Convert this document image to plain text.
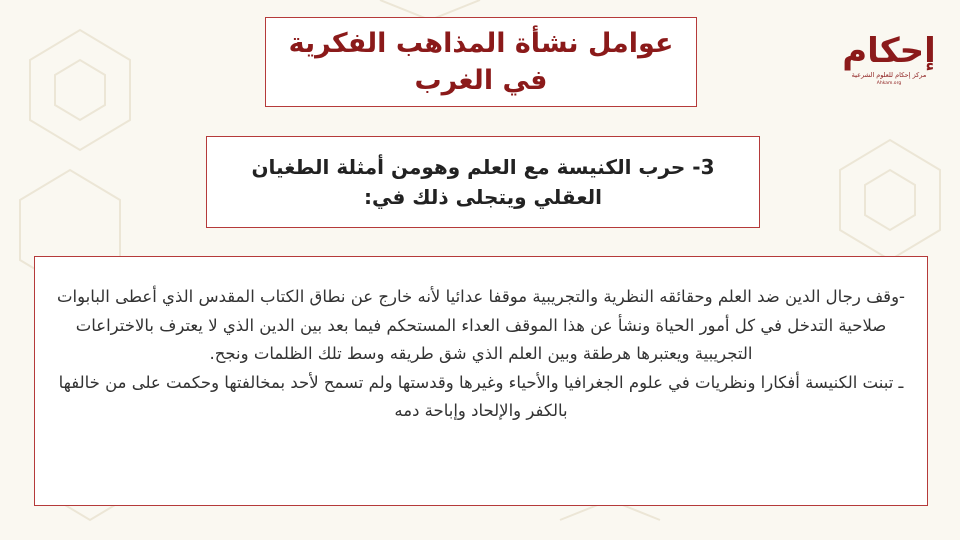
عوامل نشأة المذاهب الفكرية في الغرب
3- حرب الكنيسة مع العلم وهومن أمثلة الطغيان العقلي ويتجلى ذلك في:

-وقف رجال الدين ضد العلم وحقائقه النظرية والتجريبية موقفا عدائيا لأنه خارج عن نطاق الكتاب المقدس الذي أعطى البابوات صلاحية التدخل في كل أمور الحياة ونشأ عن هذا الموقف العداء المستحكم فيما بعد بين الدين الذي لا يعترف بالاختراعات التجريبية ويعتبرها هرطقة وبين العلم الذي شق طريقه وسط تلك الظلمات ونجح.

ـ تبنت الكنيسة أفكارا ونظريات في علوم الجغرافيا والأحياء وغيرها وقدستها ولم تسمح لأحد بمخالفتها وحكمت على من خالفها بالكفر والإلحاد وإباحة دمه

إحكام
مركز إحكام للعلوم الشرعية
Ahkam.org
